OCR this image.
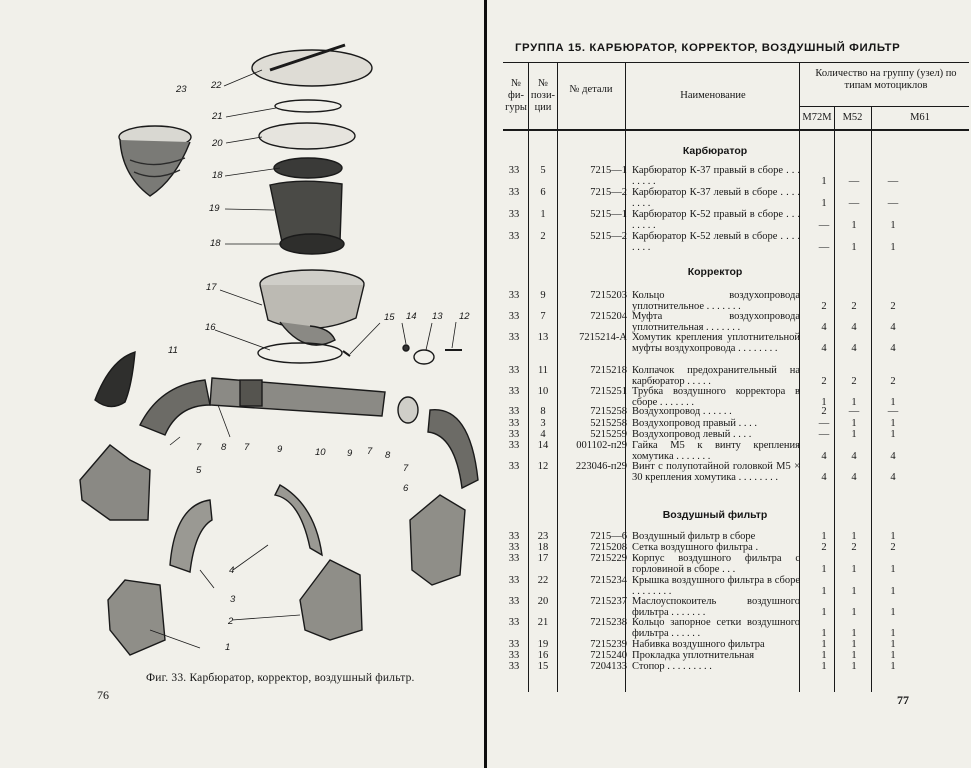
23	22
21
20
18
19
18
17
16
15 14 13 12
11
7 8 7	9	10 9 7 8
7
5
6
4
3
2
1
Фиг. 33. Карбюратор, корректор, воздушный фильтр.
76
ГРУППА 15. КАРБЮРАТОР, КОРРЕКТОР, ВОЗДУШНЫЙ ФИЛЬТР
№ фи- гуры
№ пози- ции
№ детали
Наименование
Количество на группу (узел) по типам мотоциклов
М72М	М52	М61
Карбюратор
33	5	7215—1 Карбюратор К-37 правый в сборе . . . . . . . .	1	—	—
33	6	7215—2 Карбюратор К-37 левый в сборе . . . . . . . .	1	—	—
33	1	5215—1 Карбюратор К-52 правый в сборе . . . . . . . .	—	1	1
33	2	5215—2 Карбюратор К-52 левый в сборе . . . . . . . .	—	1	1
Корректор
33	9	7215203 Кольцо воздухопровода уплотнительное . . . . . . .	2	2	2
33	7	7215204 Муфта воздухопровода уплотнительная . . . . . . .	4	4	4
33 13	7215214-А Хомутик крепления уплотнительной муфты воздухопровода . . . . . . . .	4	4	4
33 11	7215218 Колпачок предохранительный на карбюратор . . . . .	2	2	2
33 10	7215251 Трубка воздушного корректора в сборе . . . . . . .	1	1	1
33	8	7215258 Воздухопровод . . . . . .	2	—	—
33	3	5215258 Воздухопровод правый . . . .	—	1	1
33	4	5215259 Воздухопровод левый . . . .	—	1	1
33 14	001102-п29 Гайка М5 к винту крепления хомутика . . . . . . .	4	4	4
33 12	223046-п29 Винт с полупотайной головкой М5 × 30 крепления хомутика . . . . . . . .	4	4	4
Воздушный фильтр
33 23	7215—6 Воздушный фильтр в сборе	1	1	1
33 18	7215208 Сетка воздушного фильтра .	2	2	2
33 17	7215229 Корпус воздушного фильтра с горловиной в сборе . . .	1	1	1
33 22	7215234 Крышка воздушного фильтра в сборе . . . . . . . .	1	1	1
33 20	7215237 Маслоуспокоитель воздушного фильтра . . . . . . .	1	1	1
33 21	7215238 Кольцо запорное сетки воздушного фильтра . . . . . .	1	1	1
33 19	7215239 Набивка воздушного фильтра	1	1	1
33 16	7215240 Прокладка уплотнительная	1	1	1
33 15	7204133 Стопор . . . . . . . . .	1	1	1
77
